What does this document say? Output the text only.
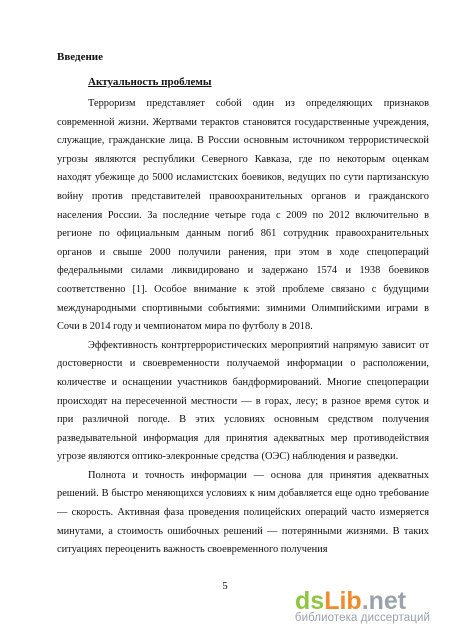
Введение
Актуальность проблемы

Терроризм представляет собой один из определяющих признаков современной жизни. Жертвами терактов становятся государственные учреждения, служащие, гражданские лица. В России основным источником террористической угрозы являются республики Северного Кавказа, где по некоторым оценкам находят убежище до 5000 исламистских боевиков, ведущих по сути партизанскую войну против представителей правоохранительных органов и гражданского населения России. За последние четыре года с 2009 по 2012 включительно в регионе по официальным данным погиб 861 сотрудник правоохранительных органов и свыше 2000 получили ранения, при этом в ходе спецопераций федеральными силами ликвидировано и задержано 1574 и 1938 боевиков соответственно [1]. Особое внимание к этой проблеме связано с будущими международными спортивными событиями: зимними Олимпийскими играми в Сочи в 2014 году и чемпионатом мира по футболу в 2018.

Эффективность контртеррористических мероприятий напрямую зависит от достоверности и своевременности получаемой информации о расположении, количестве и оснащении участников бандформирований. Многие спецоперации происходят на пересеченной местности — в горах, лесу; в разное время суток и при различной погоде. В этих условиях основным средством получения разведывательной информация для принятия адекватных мер противодействия угрозе являются оптико-элекронные средства (ОЭС) наблюдения и разведки.

Полнота и точность информации — основа для принятия адекватных решений. В быстро меняющихся условиях к ним добавляется еще одно требование — скорость. Активная фаза проведения полицейских операций часто измеряется минутами, а стоимость ошибочных решений — потерянными жизнями. В таких ситуациях переоценить важность своевременного получения

5
dsLib.net
библиотека диссертаций
